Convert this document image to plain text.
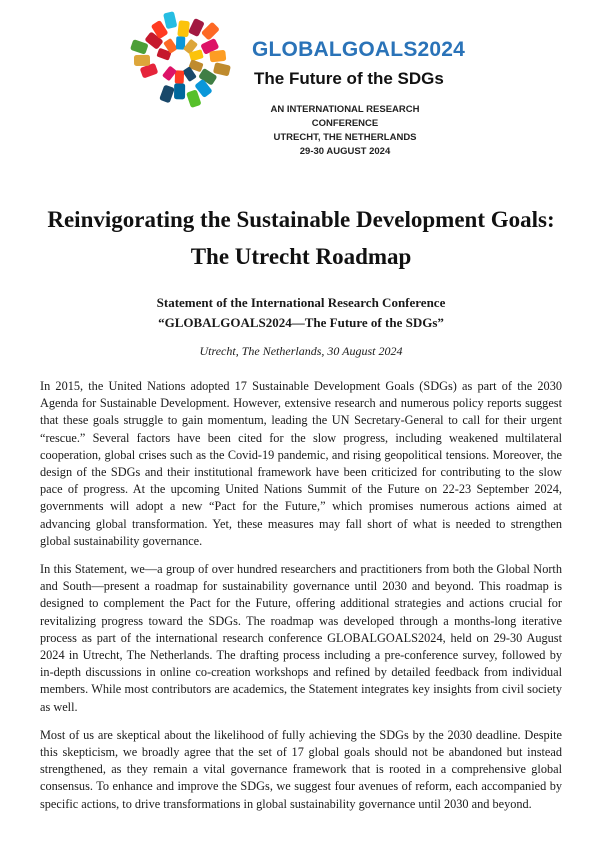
GLOBALGOALS2024
The Future of the SDGs
AN INTERNATIONAL RESEARCH CONFERENCE
UTRECHT, THE NETHERLANDS
29-30 AUGUST 2024
Reinvigorating the Sustainable Development Goals:
The Utrecht Roadmap
Statement of the International Research Conference
“GLOBALGOALS2024—The Future of the SDGs”
Utrecht, The Netherlands, 30 August 2024

In 2015, the United Nations adopted 17 Sustainable Development Goals (SDGs) as part of the 2030 Agenda for Sustainable Development. However, extensive research and numerous policy reports suggest that these goals struggle to gain momentum, leading the UN Secretary-General to call for their urgent “rescue.” Several factors have been cited for the slow progress, including weakened multilateral cooperation, global crises such as the Covid-19 pandemic, and rising geopolitical tensions. Moreover, the design of the SDGs and their institutional framework have been criticized for contributing to the slow pace of progress. At the upcoming United Nations Summit of the Future on 22-23 September 2024, governments will adopt a new “Pact for the Future,” which promises numerous actions aimed at advancing global transformation. Yet, these measures may fall short of what is needed to strengthen global sustainability governance.

In this Statement, we—a group of over hundred researchers and practitioners from both the Global North and South—present a roadmap for sustainability governance until 2030 and beyond. This roadmap is designed to complement the Pact for the Future, offering additional strategies and actions crucial for revitalizing progress toward the SDGs. The roadmap was developed through a months-long iterative process as part of the international research conference GLOBALGOALS2024, held on 29-30 August 2024 in Utrecht, The Netherlands. The drafting process including a pre-conference survey, followed by in-depth discussions in online co-creation workshops and refined by detailed feedback from individual members. While most contributors are academics, the Statement integrates key insights from civil society as well.

Most of us are skeptical about the likelihood of fully achieving the SDGs by the 2030 deadline. Despite this skepticism, we broadly agree that the set of 17 global goals should not be abandoned but instead strengthened, as they remain a vital governance framework that is rooted in a comprehensive global consensus. To enhance and improve the SDGs, we suggest four avenues of reform, each accompanied by specific actions, to drive transformations in global sustainability governance until 2030 and beyond.
